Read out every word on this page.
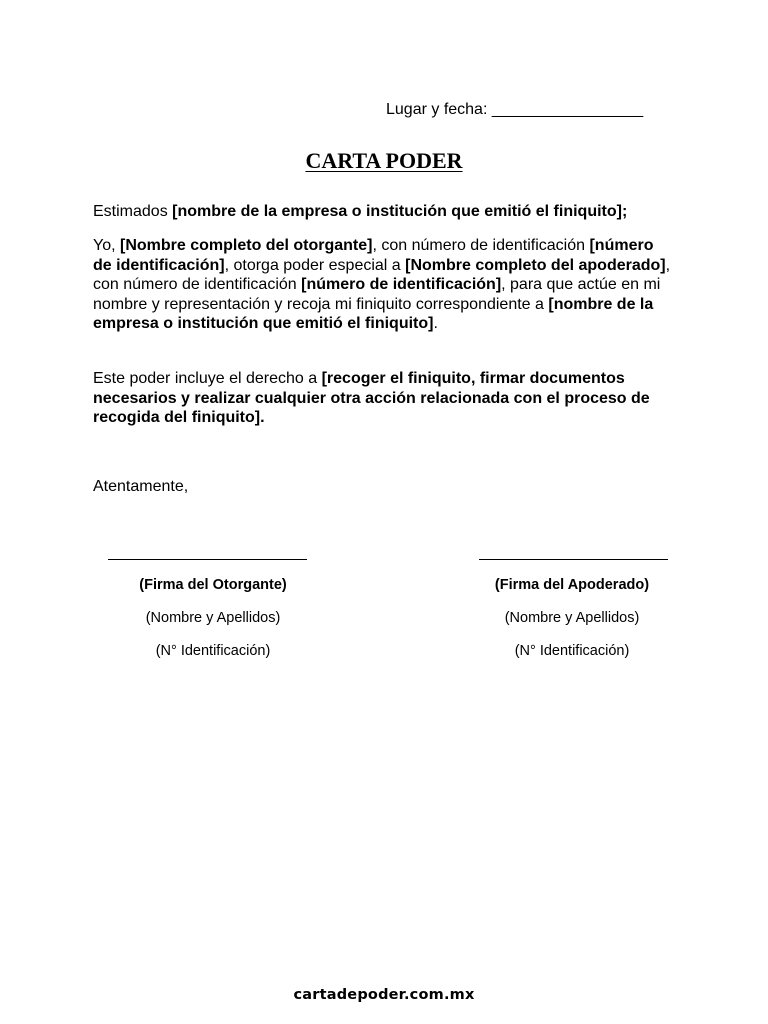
Lugar y fecha: _________________
CARTA PODER
Estimados [nombre de la empresa o institución que emitió el finiquito];
Yo, [Nombre completo del otorgante], con número de identificación [número de identificación], otorga poder especial a [Nombre completo del apoderado], con número de identificación [número de identificación], para que actúe en mi nombre y representación y recoja mi finiquito correspondiente a [nombre de la empresa o institución que emitió el finiquito].
Este poder incluye el derecho a [recoger el finiquito, firmar documentos necesarios y realizar cualquier otra acción relacionada con el proceso de recogida del finiquito].
Atentamente,
(Firma del Otorgante)
(Nombre y Apellidos)
(N° Identificación)
(Firma del Apoderado)
(Nombre y Apellidos)
(N° Identificación)
cartadepoder.com.mx
